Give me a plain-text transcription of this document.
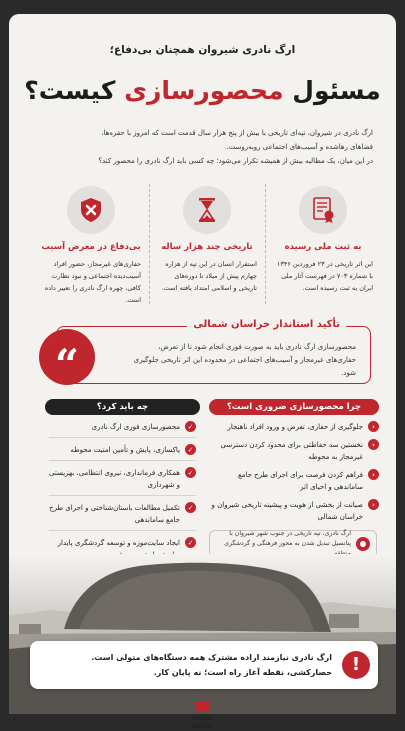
ارگ نادری شیروان همچنان بی‌دفاع؛
مسئول محصورسازی کیست؟

ارگ نادری در شیروان، تپه‌ای تاریخی با بیش از پنج هزار سال قدمت است که امروز با حفره‌ها،

فضاهای رهاشده و آسیب‌های اجتماعی روبه‌روست.

در این میان، یک مطالبه بیش از همیشه تکرار می‌شود؛ چه کسی باید ارگ نادری را محصور کند؟

به ثبت ملی رسیده
این اثر تاریخی در ۲۳ فروردین ۱۳۴۶ با شماره ۷۰۳ در فهرست آثار ملی ایران به ثبت رسیده است.
تاریخی چند هزار ساله
استقرار انسان در این تپه از هزاره چهارم پیش از میلاد تا دوره‌های تاریخی و اسلامی امتداد یافته است.
بی‌دفاع در معرض آسیب
حفاری‌های غیرمجاز، حضور افراد آسیب‌دیده اجتماعی و نبود نظارت کافی، چهره ارگ نادری را تغییر داده است.
تأکید استاندار خراسان شمالی
محصورسازی ارگ نادری باید به صورت فوری انجام شود تا از تعرض، حفاری‌های غیرمجاز و آسیب‌های اجتماعی در محدوده این اثر تاریخی جلوگیری شود.
“
چرا محصورسازی ضروری است؟
›
جلوگیری از حفاری، تعرض و ورود افراد ناهنجار
›
نخستین سد حفاظتی برای محدود کردن دسترسی غیرمجاز به محوطه
›
فراهم کردن فرصت برای اجرای طرح جامع ساماندهی و احیای اثر
›
صیانت از بخشی از هویت و پیشینه تاریخی شیروان و خراسان شمالی
چه باید کرد؟
✓
محصورسازی فوری ارگ نادری
✓
پاکسازی، پایش و تأمین امنیت محوطه
✓
همکاری فرمانداری، نیروی انتظامی، بهزیستی و شهرداری
✓
تکمیل مطالعات باستان‌شناختی و اجرای طرح جامع ساماندهی
✓
ایجاد سایت‌موزه و توسعه گردشگری پایدار
ارگ نادری، تپه تاریخی در جنوب شهر شیروان با پتانسیل تبدیل شدن به محور فرهنگی و گردشگری
!
ارگ نادری نیازمند اراده مشترک همه دستگاه‌های متولی است.
حصارکشی، نقطه آغاز راه است؛ نه پایان کار.
MEHR
NEWS
